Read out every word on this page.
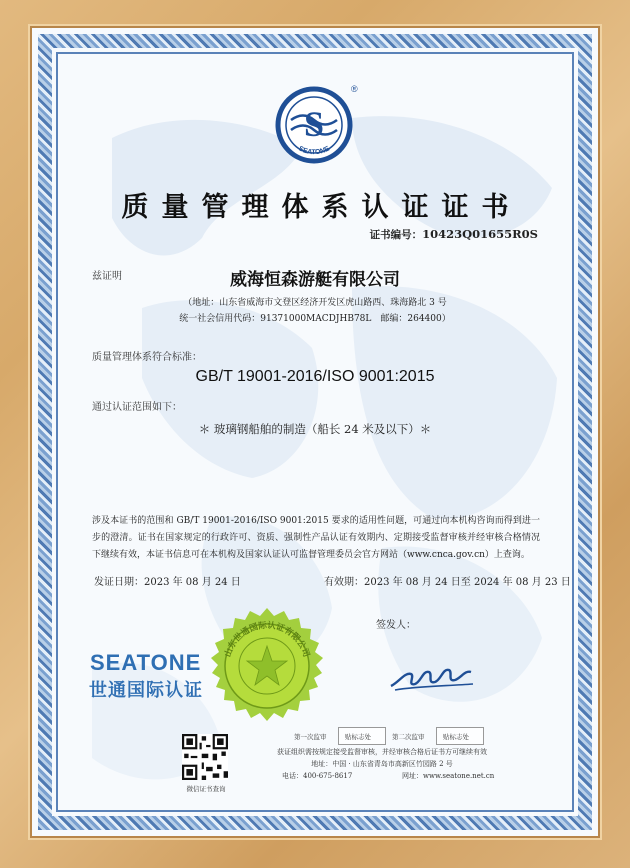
S
SEATONE
®
质量管理体系认证证书
证书编号：10423Q01655R0S
兹证明	威海恒森游艇有限公司
（地址：山东省威海市文登区经济开发区虎山路西、珠海路北 3 号
统一社会信用代码：91371000MACDJHB78L　邮编：264400）
质量管理体系符合标准：
GB/T 19001-2016/ISO 9001:2015
通过认证范围如下：
＊ 玻璃钢船舶的制造（船长 24 米及以下）＊
涉及本证书的范围和 GB/T 19001-2016/ISO 9001:2015 要求的适用性问题，可通过向本机构咨询而得到进一步的澄清。证书在国家规定的行政许可、资质、强制性产品认证有效期内、定期接受监督审核并经审核合格情况下继续有效，本证书信息可在本机构及国家认证认可监督管理委员会官方网站（www.cnca.gov.cn）上查询。
发证日期：2023 年 08 月 24 日	有效期：2023 年 08 月 24 日至 2024 年 08 月 23 日
签发人：
SEATONE
世通国际认证
山东世通国际认证有限公司
微信证书查询
第一次监审	贴标志处	第二次监审	贴标志处
获证组织需按规定接受监督审核，并经审核合格后证书方可继续有效
地址：中国 · 山东省青岛市高新区竹园路 2 号
电话：400-675-8617	网址：www.seatone.net.cn
